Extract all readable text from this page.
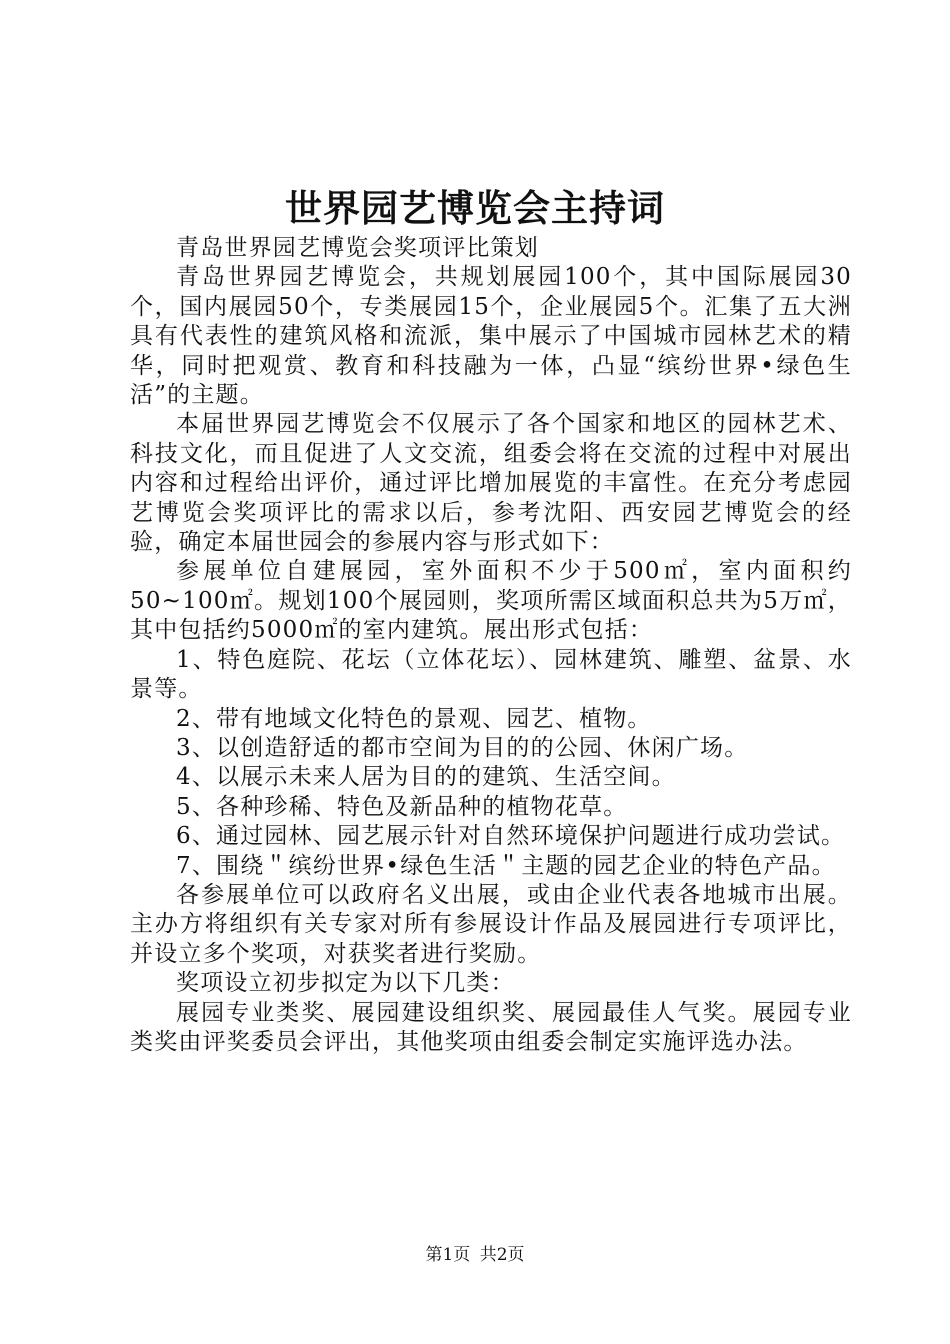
世界园艺博览会主持词

青岛世界园艺博览会奖项评比策划

青岛世界园艺博览会，共规划展园100个，其中国际展园30个，国内展园50个，专类展园15个，企业展园5个。汇集了五大洲具有代表性的建筑风格和流派，集中展示了中国城市园林艺术的精华，同时把观赏、教育和科技融为一体，凸显“缤纷世界•绿色生活”的主题。

本届世界园艺博览会不仅展示了各个国家和地区的园林艺术、科技文化，而且促进了人文交流，组委会将在交流的过程中对展出内容和过程给出评价，通过评比增加展览的丰富性。在充分考虑园艺博览会奖项评比的需求以后，参考沈阳、西安园艺博览会的经验，确定本届世园会的参展内容与形式如下：

参展单位自建展园，室外面积不少于500㎡，室内面积约50~100㎡。规划100个展园则，奖项所需区域面积总共为5万㎡，其中包括约5000㎡的室内建筑。展出形式包括：

1、特色庭院、花坛（立体花坛）、园林建筑、雕塑、盆景、水景等。

2、带有地域文化特色的景观、园艺、植物。

3、以创造舒适的都市空间为目的的公园、休闲广场。

4、以展示未来人居为目的的建筑、生活空间。

5、各种珍稀、特色及新品种的植物花草。

6、通过园林、园艺展示针对自然环境保护问题进行成功尝试。

7、围绕＂缤纷世界•绿色生活＂主题的园艺企业的特色产品。

各参展单位可以政府名义出展，或由企业代表各地城市出展。主办方将组织有关专家对所有参展设计作品及展园进行专项评比，并设立多个奖项，对获奖者进行奖励。

奖项设立初步拟定为以下几类：

展园专业类奖、展园建设组织奖、展园最佳人气奖。展园专业类奖由评奖委员会评出，其他奖项由组委会制定实施评选办法。

第1页 共2页
